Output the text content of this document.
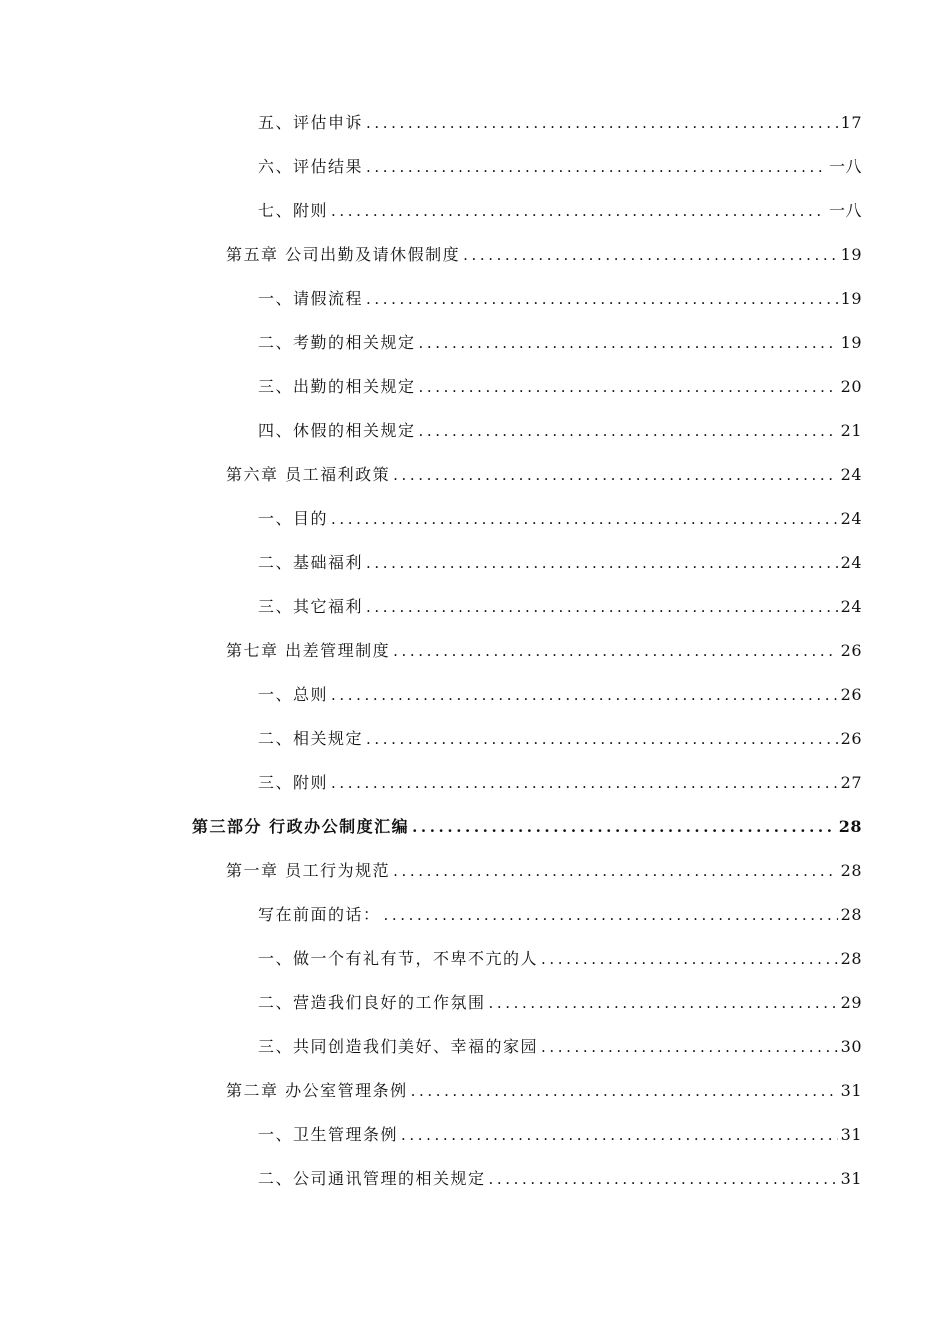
五、评估申诉 .....	17
六、评估结果 .....	一八
七、附则 .....	一八
第五章 公司出勤及请休假制度 .....	19
一、请假流程 .....	19
二、考勤的相关规定 .....	19
三、出勤的相关规定 .....	20
四、休假的相关规定 .....	21
第六章 员工福利政策 .....	24
一、目的 .....	24
二、基础福利 .....	24
三、其它福利 .....	24
第七章 出差管理制度 .....	26
一、总则 .....	26
二、相关规定 .....	26
三、附则 .....	27
第三部分 行政办公制度汇编 .....	28
第一章 员工行为规范 .....	28
写在前面的话： .....	28
一、做一个有礼有节，不卑不亢的人 .....	28
二、营造我们良好的工作氛围 .....	29
三、共同创造我们美好、幸福的家园 .....	30
第二章 办公室管理条例 .....	31
一、卫生管理条例 .....	31
二、公司通讯管理的相关规定 .....	31
